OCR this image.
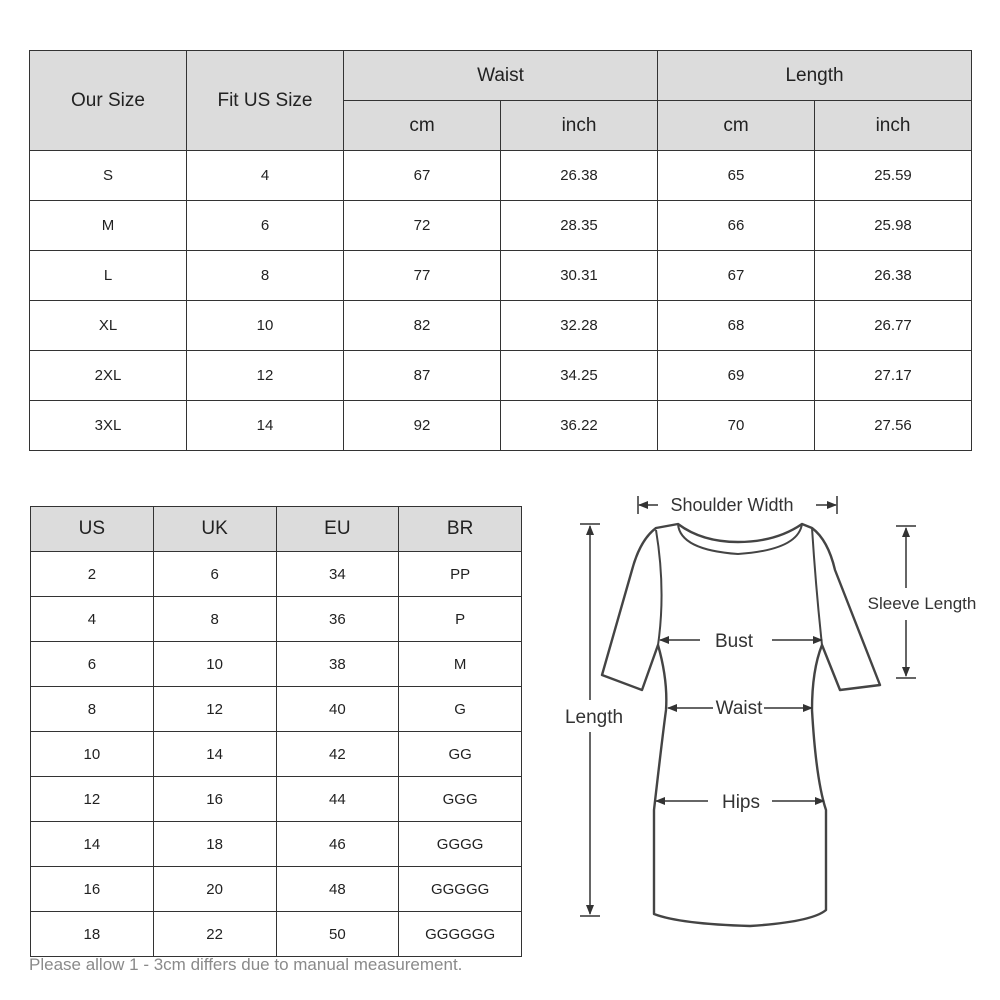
Our Size	Fit US Size	Waist		Length	
		cm	inch	cm	inch
S	4	67	26.38	65	25.59
M	6	72	28.35	66	25.98
L	8	77	30.31	67	26.38
XL	10	82	32.28	68	26.77
2XL	12	87	34.25	69	27.17
3XL	14	92	36.22	70	27.56
US	UK	EU	BR
2	6	34	PP
4	8	36	P
6	10	38	M
8	12	40	G
10	14	42	GG
12	16	44	GGG
14	18	46	GGGG
16	20	48	GGGGG
18	22	50	GGGGGG
Shoulder Width
Sleeve Length
Length
Bust
Waist
Hips
Please allow 1 - 3cm differs due to manual measurement.
